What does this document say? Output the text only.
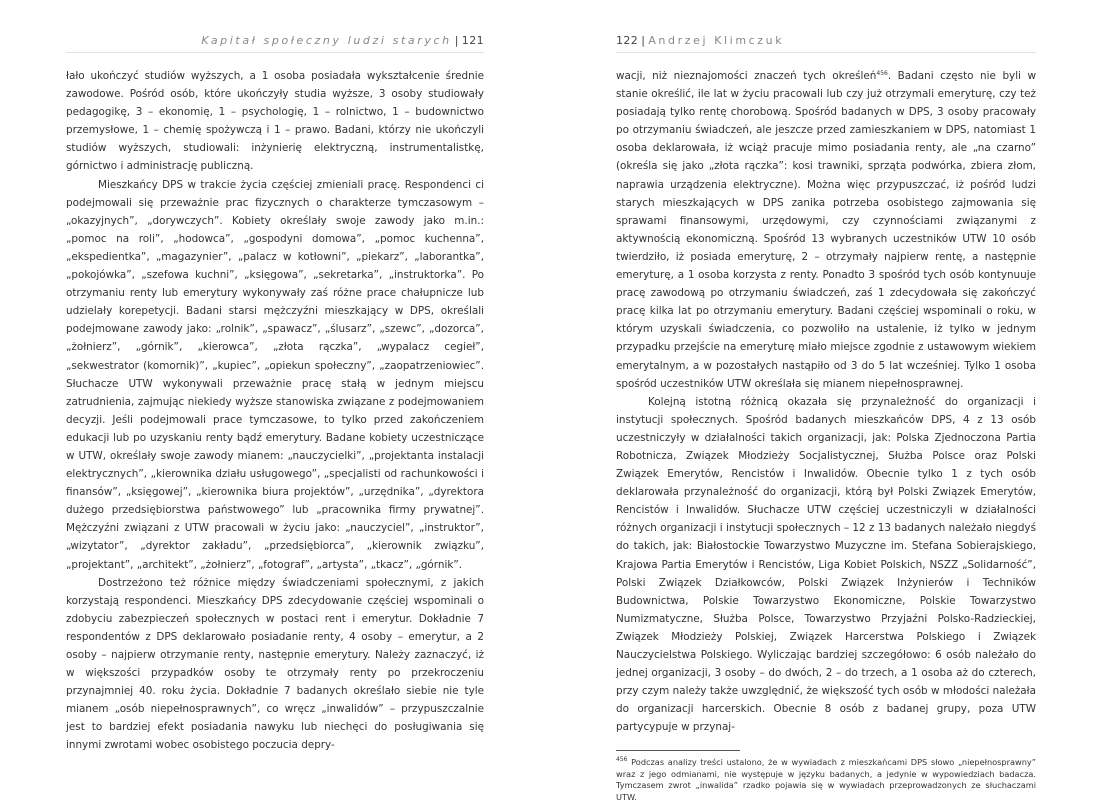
Kapitał społeczny ludzi starych | 121

łało ukończyć studiów wyższych, a 1 osoba posiadała wykształcenie średnie zawodowe. Pośród osób, które ukończyły studia wyższe, 3 osoby studiowały pedagogikę, 3 – ekonomię, 1 – psychologię, 1 – rolnictwo, 1 – budownictwo przemysłowe, 1 – chemię spożywczą i 1 – prawo. Badani, którzy nie ukończyli studiów wyższych, studiowali: inżynierię elektryczną, instrumentalistkę, górnictwo i administrację publiczną.

Mieszkańcy DPS w trakcie życia częściej zmieniali pracę. Respondenci ci podejmowali się przeważnie prac fizycznych o charakterze tymczasowym – „okazyjnych”, „dorywczych”. Kobiety określały swoje zawody jako m.in.: „pomoc na roli”, „hodowca”, „gospodyni domowa”, „pomoc kuchenna”, „ekspedientka”, „magazynier”, „palacz w kotłowni”, „piekarz”, „laborantka”, „pokojówka”, „szefowa kuchni”, „księgowa”, „sekretarka”, „instruktorka”. Po otrzymaniu renty lub emerytury wykonywały zaś różne prace chałupnicze lub udzielały korepetycji. Badani starsi mężczyźni mieszkający w DPS, określali podejmowane zawody jako: „rolnik”, „spawacz”, „ślusarz”, „szewc”, „dozorca”, „żołnierz”, „górnik”, „kierowca”, „złota rączka”, „wypalacz cegieł”, „sekwestrator (komornik)”, „kupiec”, „opiekun społeczny”, „zaopatrzeniowiec”. Słuchacze UTW wykonywali przeważnie pracę stałą w jednym miejscu zatrudnienia, zajmując niekiedy wyższe stanowiska związane z podejmowaniem decyzji. Jeśli podejmowali prace tymczasowe, to tylko przed zakończeniem edukacji lub po uzyskaniu renty bądź emerytury. Badane kobiety uczestniczące w UTW, określały swoje zawody mianem: „nauczycielki”, „projektanta instalacji elektrycznych”, „kierownika działu usługowego”, „specjalisti od rachunkowości i finansów”, „księgowej”, „kierownika biura projektów”, „urzędnika”, „dyrektora dużego przedsiębiorstwa państwowego” lub „pracownika firmy prywatnej”. Mężczyźni związani z UTW pracowali w życiu jako: „nauczyciel”, „instruktor”, „wizytator”, „dyrektor zakładu”, „przedsiębiorca”, „kierownik związku”, „projektant”, „architekt”, „żołnierz”, „fotograf”, „artysta”, „tkacz”, „górnik”.

Dostrzeżono też różnice między świadczeniami społecznymi, z jakich korzystają respondenci. Mieszkańcy DPS zdecydowanie częściej wspominali o zdobyciu zabezpieczeń społecznych w postaci rent i emerytur. Dokładnie 7 respondentów z DPS deklarowało posiadanie renty, 4 osoby – emerytur, a 2 osoby – najpierw otrzymanie renty, następnie emerytury. Należy zaznaczyć, iż w większości przypadków osoby te otrzymały renty po przekroczeniu przynajmniej 40. roku życia. Dokładnie 7 badanych określało siebie nie tyle mianem „osób niepełnosprawnych”, co wręcz „inwalidów” – przypuszczalnie jest to bardziej efekt posiadania nawyku lub niechęci do posługiwania się innymi zwrotami wobec osobistego poczucia depry-

122 | Andrzej Klimczuk

wacji, niż nieznajomości znaczeń tych określeń$^{456}$. Badani często nie byli w stanie określić, ile lat w życiu pracowali lub czy już otrzymali emeryturę, czy też posiadają tylko rentę chorobową. Spośród badanych w DPS, 3 osoby pracowały po otrzymaniu świadczeń, ale jeszcze przed zamieszkaniem w DPS, natomiast 1 osoba deklarowała, iż wciąż pracuje mimo posiadania renty, ale „na czarno” (określa się jako „złota rączka”: kosi trawniki, sprząta podwórka, zbiera złom, naprawia urządzenia elektryczne). Można więc przypuszczać, iż pośród ludzi starych mieszkających w DPS zanika potrzeba osobistego zajmowania się sprawami finansowymi, urzędowymi, czy czynnościami związanymi z aktywnością ekonomiczną. Spośród 13 wybranych uczestników UTW 10 osób twierdziło, iż posiada emeryturę, 2 – otrzymały najpierw rentę, a następnie emeryturę, a 1 osoba korzysta z renty. Ponadto 3 spośród tych osób kontynuuje pracę zawodową po otrzymaniu świadczeń, zaś 1 zdecydowała się zakończyć pracę kilka lat po otrzymaniu emerytury. Badani częściej wspominali o roku, w którym uzyskali świadczenia, co pozwoliło na ustalenie, iż tylko w jednym przypadku przejście na emeryturę miało miejsce zgodnie z ustawowym wiekiem emerytalnym, a w pozostałych nastąpiło od 3 do 5 lat wcześniej. Tylko 1 osoba spośród uczestników UTW określała się mianem niepełnosprawnej.

Kolejną istotną różnicą okazała się przynależność do organizacji i instytucji społecznych. Spośród badanych mieszkańców DPS, 4 z 13 osób uczestniczyły w działalności takich organizacji, jak: Polska Zjednoczona Partia Robotnicza, Związek Młodzieży Socjalistycznej, Służba Polsce oraz Polski Związek Emerytów, Rencistów i Inwalidów. Obecnie tylko 1 z tych osób deklarowała przynależność do organizacji, którą był Polski Związek Emerytów, Rencistów i Inwalidów. Słuchacze UTW częściej uczestniczyli w działalności różnych organizacji i instytucji społecznych – 12 z 13 badanych należało niegdyś do takich, jak: Białostockie Towarzystwo Muzyczne im. Stefana Sobierajskiego, Krajowa Partia Emerytów i Rencistów, Liga Kobiet Polskich, NSZZ „Solidarność”, Polski Związek Działkowców, Polski Związek Inżynierów i Techników Budownictwa, Polskie Towarzystwo Ekonomiczne, Polskie Towarzystwo Numizmatyczne, Służba Polsce, Towarzystwo Przyjaźni Polsko-Radzieckiej, Związek Młodzieży Polskiej, Związek Harcerstwa Polskiego i Związek Nauczycielstwa Polskiego. Wyliczając bardziej szczegółowo: 6 osób należało do jednej organizacji, 3 osoby – do dwóch, 2 – do trzech, a 1 osoba aż do czterech, przy czym należy także uwzględnić, że większość tych osób w młodości należała do organizacji harcerskich. Obecnie 8 osób z badanej grupy, poza UTW partycypuje w przynaj-

$^{456}$ Podczas analizy treści ustalono, że w wywiadach z mieszkańcami DPS słowo „niepełnosprawny” wraz z jego odmianami, nie występuje w języku badanych, a jedynie w wypowiedziach badacza. Tymczasem zwrot „inwalida” rzadko pojawia się w wywiadach przeprowadzonych ze słuchaczami UTW.
